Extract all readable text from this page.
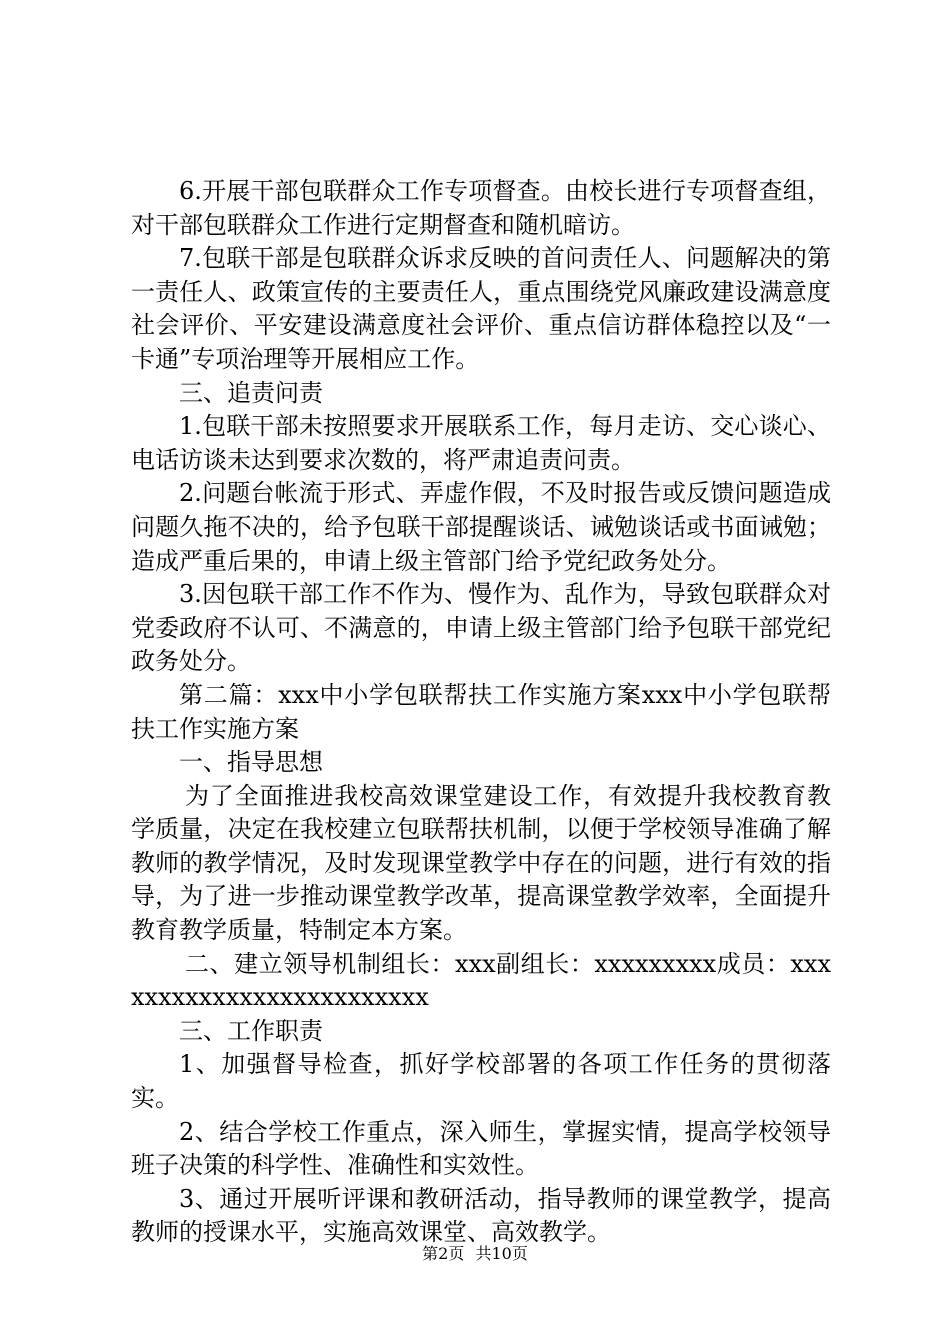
6.开展干部包联群众工作专项督查。由校长进行专项督查组，对干部包联群众工作进行定期督查和随机暗访。

7.包联干部是包联群众诉求反映的首问责任人、问题解决的第一责任人、政策宣传的主要责任人，重点围绕党风廉政建设满意度社会评价、平安建设满意度社会评价、重点信访群体稳控以及“一卡通”专项治理等开展相应工作。

三、追责问责

1.包联干部未按照要求开展联系工作，每月走访、交心谈心、电话访谈未达到要求次数的，将严肃追责问责。

2.问题台帐流于形式、弄虚作假，不及时报告或反馈问题造成问题久拖不决的，给予包联干部提醒谈话、诫勉谈话或书面诫勉；造成严重后果的，申请上级主管部门给予党纪政务处分。

3.因包联干部工作不作为、慢作为、乱作为，导致包联群众对党委政府不认可、不满意的，申请上级主管部门给予包联干部党纪政务处分。

第二篇：xxx中小学包联帮扶工作实施方案xxx中小学包联帮扶工作实施方案

一、指导思想

为了全面推进我校高效课堂建设工作，有效提升我校教育教学质量，决定在我校建立包联帮扶机制，以便于学校领导准确了解教师的教学情况，及时发现课堂教学中存在的问题，进行有效的指导，为了进一步推动课堂教学改革，提高课堂教学效率，全面提升教育教学质量，特制定本方案。

二、建立领导机制组长：xxx副组长：xxxxxxxxx成员：xxxxxxxxxxxxxxxxxxxxxxxxx

三、工作职责

1、加强督导检查，抓好学校部署的各项工作任务的贯彻落实。

2、结合学校工作重点，深入师生，掌握实情，提高学校领导班子决策的科学性、准确性和实效性。

3、通过开展听评课和教研活动，指导教师的课堂教学，提高教师的授课水平，实施高效课堂、高效教学。

第2页 共10页
